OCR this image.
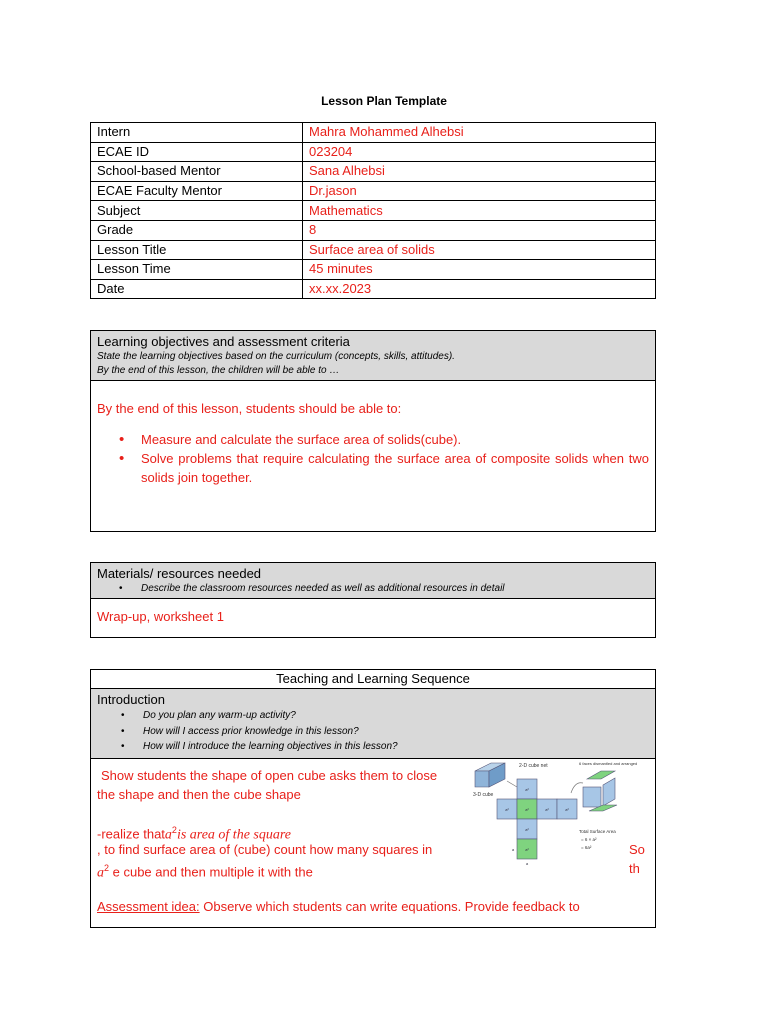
Lesson Plan Template
Intern	Mahra Mohammed Alhebsi
ECAE ID	023204
School-based Mentor	Sana Alhebsi
ECAE Faculty Mentor	Dr.jason
Subject	Mathematics
Grade	8
Lesson Title	Surface area of solids
Lesson Time	45 minutes
Date	xx.xx.2023
Learning objectives and assessment criteria
State the learning objectives based on the curriculum (concepts, skills, attitudes).
By the end of this lesson, the children will be able to …
By the end of this lesson, students should be able to:
• Measure and calculate the surface area of solids(cube).
• Solve problems that require calculating the surface area of composite solids when two solids join together.
Materials/ resources needed
• Describe the classroom resources needed as well as additional resources in detail
Wrap-up, worksheet 1
Teaching and Learning Sequence
Introduction
• Do you plan any warm-up activity?
• How will I access prior knowledge in this lesson?
• How will I introduce the learning objectives in this lesson?
Show students the shape of open cube asks them to close
the shape and then the cube shape
-realize thata$^2$is area of the square
, to find surface area of (cube) count how many squares in
$a^2$ e cube and then multiple it with the
So
th
Assessment idea: Observe which students can write equations. Provide feedback to
3-D cube
2-D cube net	6 faces dismantled and arranged
a²
a²	a²	a²	a²
a²
a²
a
a
Total Surface Area
= 6 × a²
= 6a²
